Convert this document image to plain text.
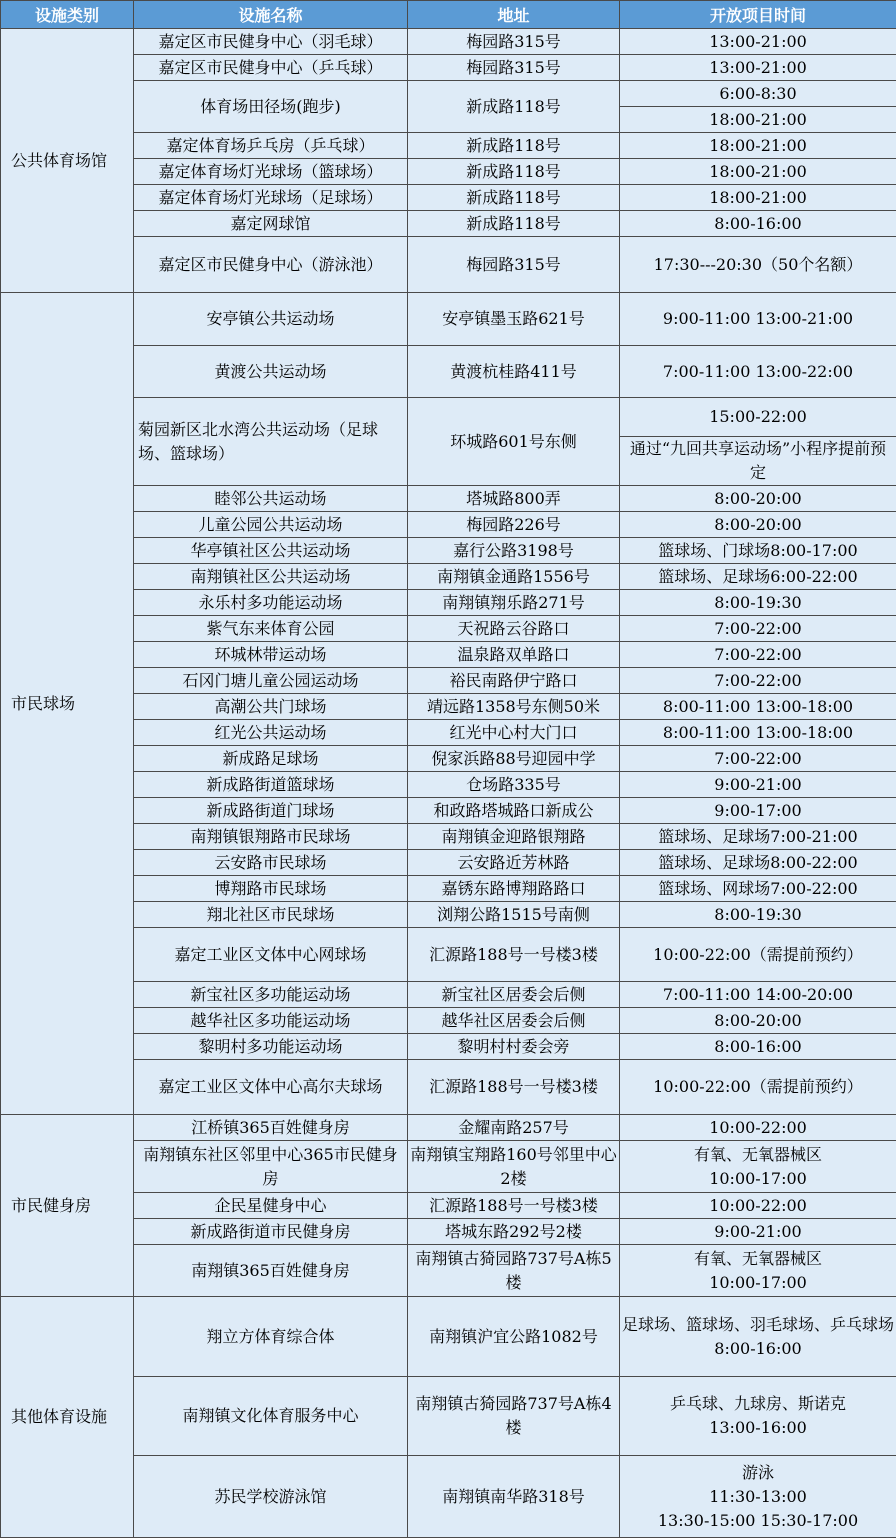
设施类别	设施名称	地址	开放项目时间
公共体育场馆	嘉定区市民健身中心（羽毛球）	梅园路315号	13:00-21:00

	嘉定区市民健身中心（乒乓球）	梅园路315号	13:00-21:00

	体育场田径场(跑步)	新成路118号	6:00-8:30
			18:00-21:00
	嘉定体育场乒乓房（乒乓球）	新成路118号	18:00-21:00

	嘉定体育场灯光球场（篮球场）	新成路118号	18:00-21:00

	嘉定体育场灯光球场（足球场）	新成路118号	18:00-21:00

	嘉定网球馆	新成路118号	8:00-16:00

	嘉定区市民健身中心（游泳池）	梅园路315号	17:30---20:30（50个名额）

市民球场	安亭镇公共运动场	安亭镇墨玉路621号	9:00-11:00 13:00-21:00

	黄渡公共运动场	黄渡杭桂路411号	7:00-11:00 13:00-22:00

	菊园新区北水湾公共运动场（足球场、篮球场）	环城路601号东侧	15:00-22:00
			通过“九回共享运动场”小程序提前预定
	睦邻公共运动场	塔城路800弄	8:00-20:00

	儿童公园公共运动场	梅园路226号	8:00-20:00

	华亭镇社区公共运动场	嘉行公路3198号	篮球场、门球场8:00-17:00

	南翔镇社区公共运动场	南翔镇金通路1556号	篮球场、足球场6:00-22:00

	永乐村多功能运动场	南翔镇翔乐路271号	8:00-19:30

	紫气东来体育公园	天祝路云谷路口	7:00-22:00

	环城林带运动场	温泉路双单路口	7:00-22:00

	石冈门塘儿童公园运动场	裕民南路伊宁路口	7:00-22:00

	高潮公共门球场	靖远路1358号东侧50米	8:00-11:00 13:00-18:00

	红光公共运动场	红光中心村大门口	8:00-11:00 13:00-18:00

	新成路足球场	倪家浜路88号迎园中学	7:00-22:00

	新成路街道篮球场	仓场路335号	9:00-21:00

	新成路街道门球场	和政路塔城路口新成公	9:00-17:00

	南翔镇银翔路市民球场	南翔镇金迎路银翔路	篮球场、足球场7:00-21:00

	云安路市民球场	云安路近芳林路	篮球场、足球场8:00-22:00

	博翔路市民球场	嘉锈东路博翔路路口	篮球场、网球场7:00-22:00

	翔北社区市民球场	浏翔公路1515号南侧	8:00-19:30

	嘉定工业区文体中心网球场	汇源路188号一号楼3楼	10:00-22:00（需提前预约）

	新宝社区多功能运动场	新宝社区居委会后侧	7:00-11:00 14:00-20:00

	越华社区多功能运动场	越华社区居委会后侧	8:00-20:00

	黎明村多功能运动场	黎明村村委会旁	8:00-16:00

	嘉定工业区文体中心高尔夫球场	汇源路188号一号楼3楼	10:00-22:00（需提前预约）

市民健身房	江桥镇365百姓健身房	金耀南路257号	10:00-22:00

	南翔镇东社区邻里中心365市民健身房	南翔镇宝翔路160号邻里中心2楼	有氧、无氧器械区
10:00-17:00

	企民星健身中心	汇源路188号一号楼3楼	10:00-22:00

	新成路街道市民健身房	塔城东路292号2楼	9:00-21:00

	南翔镇365百姓健身房	南翔镇古猗园路737号A栋5楼	有氧、无氧器械区
10:00-17:00

其他体育设施	翔立方体育综合体	南翔镇沪宜公路1082号	足球场、篮球场、羽毛球场、乒乓球场8:00-16:00

	南翔镇文化体育服务中心	南翔镇古猗园路737号A栋4楼	乒乓球、九球房、斯诺克
13:00-16:00

	苏民学校游泳馆	南翔镇南华路318号	游泳
11:30-13:00
13:30-15:00 15:30-17:00
